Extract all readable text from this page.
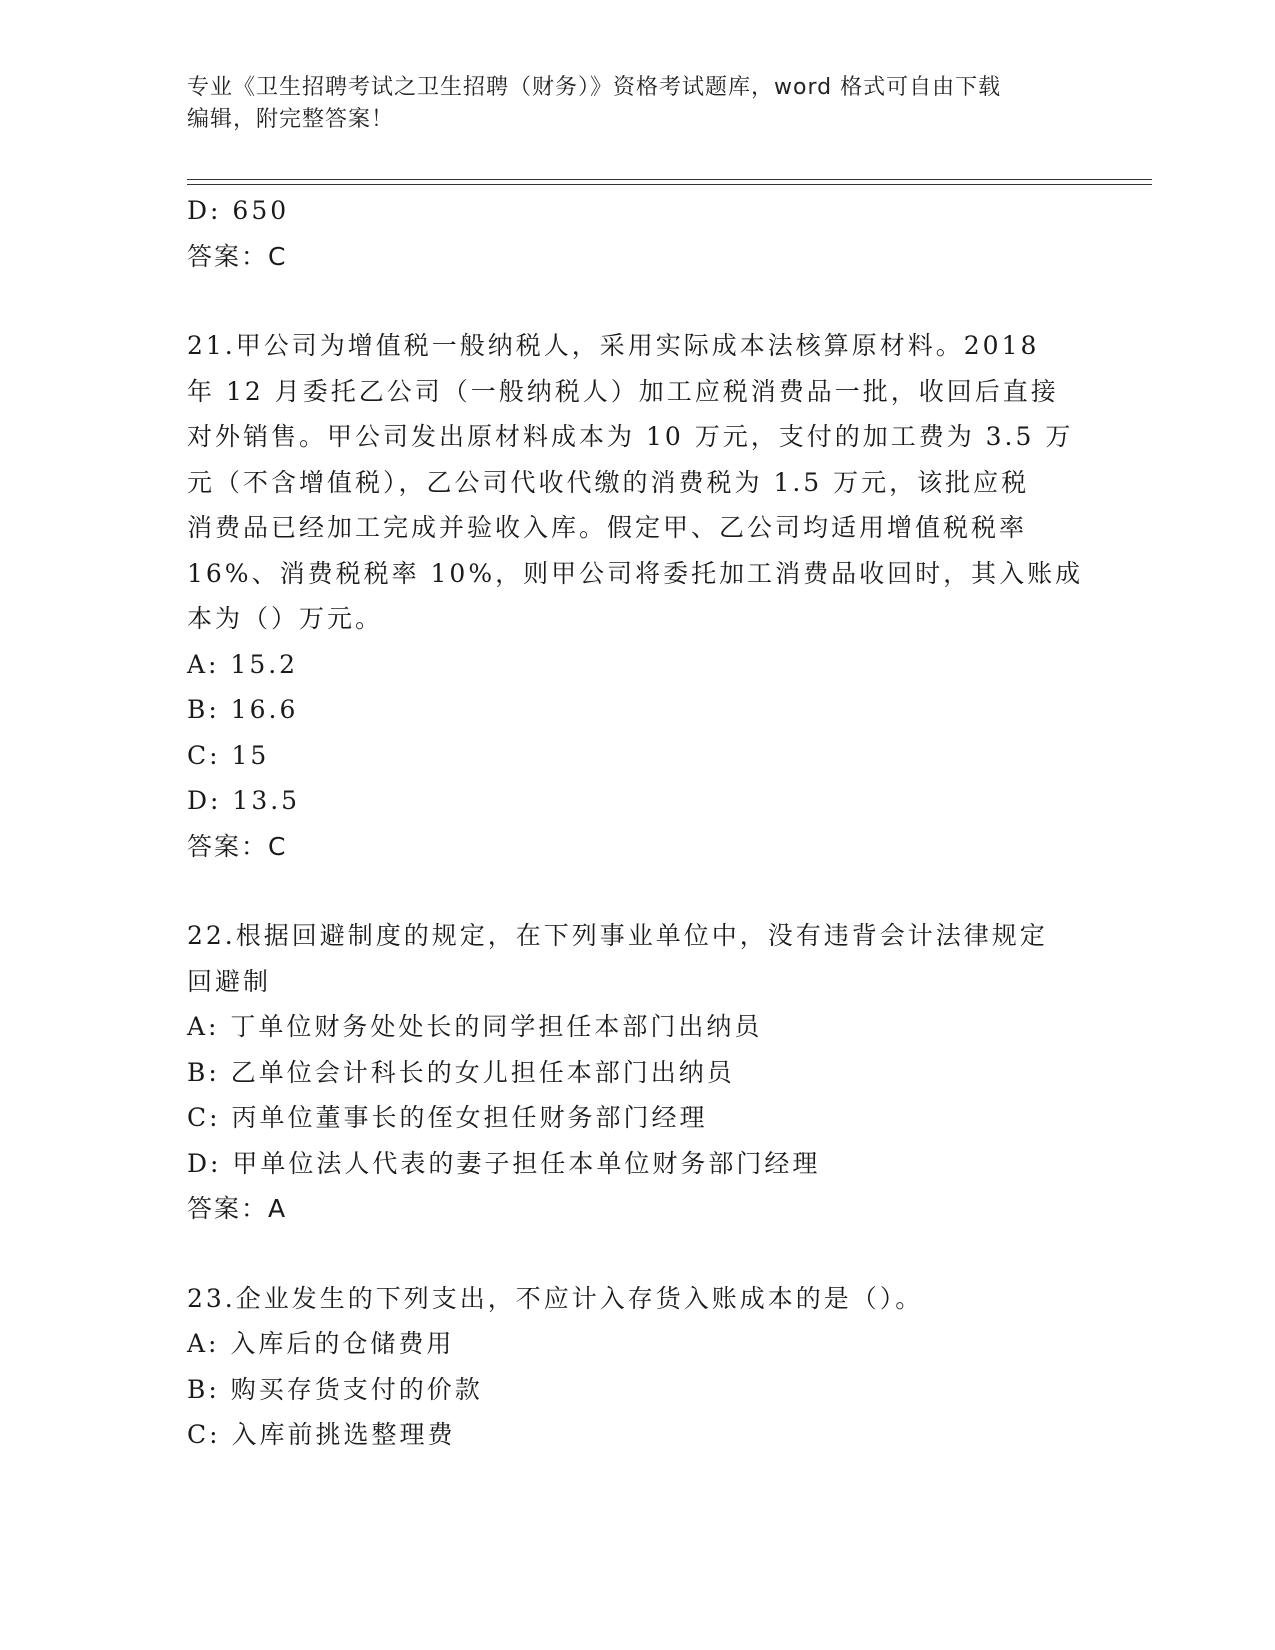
专业《卫生招聘考试之卫生招聘（财务）》资格考试题库，word 格式可自由下载
编辑，附完整答案！
D: 650
答案：C
21.甲公司为增值税一般纳税人，采用实际成本法核算原材料。2018
年 12 月委托乙公司（一般纳税人）加工应税消费品一批，收回后直接
对外销售。甲公司发出原材料成本为 10 万元，支付的加工费为 3.5 万
元（不含增值税），乙公司代收代缴的消费税为 1.5 万元，该批应税
消费品已经加工完成并验收入库。假定甲、乙公司均适用增值税税率
16%、消费税税率 10%，则甲公司将委托加工消费品收回时，其入账成
本为（）万元。
A: 15.2
B: 16.6
C: 15
D: 13.5
答案：C
22.根据回避制度的规定，在下列事业单位中，没有违背会计法律规定
回避制
A: 丁单位财务处处长的同学担任本部门出纳员
B: 乙单位会计科长的女儿担任本部门出纳员
C: 丙单位董事长的侄女担任财务部门经理
D: 甲单位法人代表的妻子担任本单位财务部门经理
答案：A
23.企业发生的下列支出，不应计入存货入账成本的是（）。
A: 入库后的仓储费用
B: 购买存货支付的价款
C: 入库前挑选整理费
